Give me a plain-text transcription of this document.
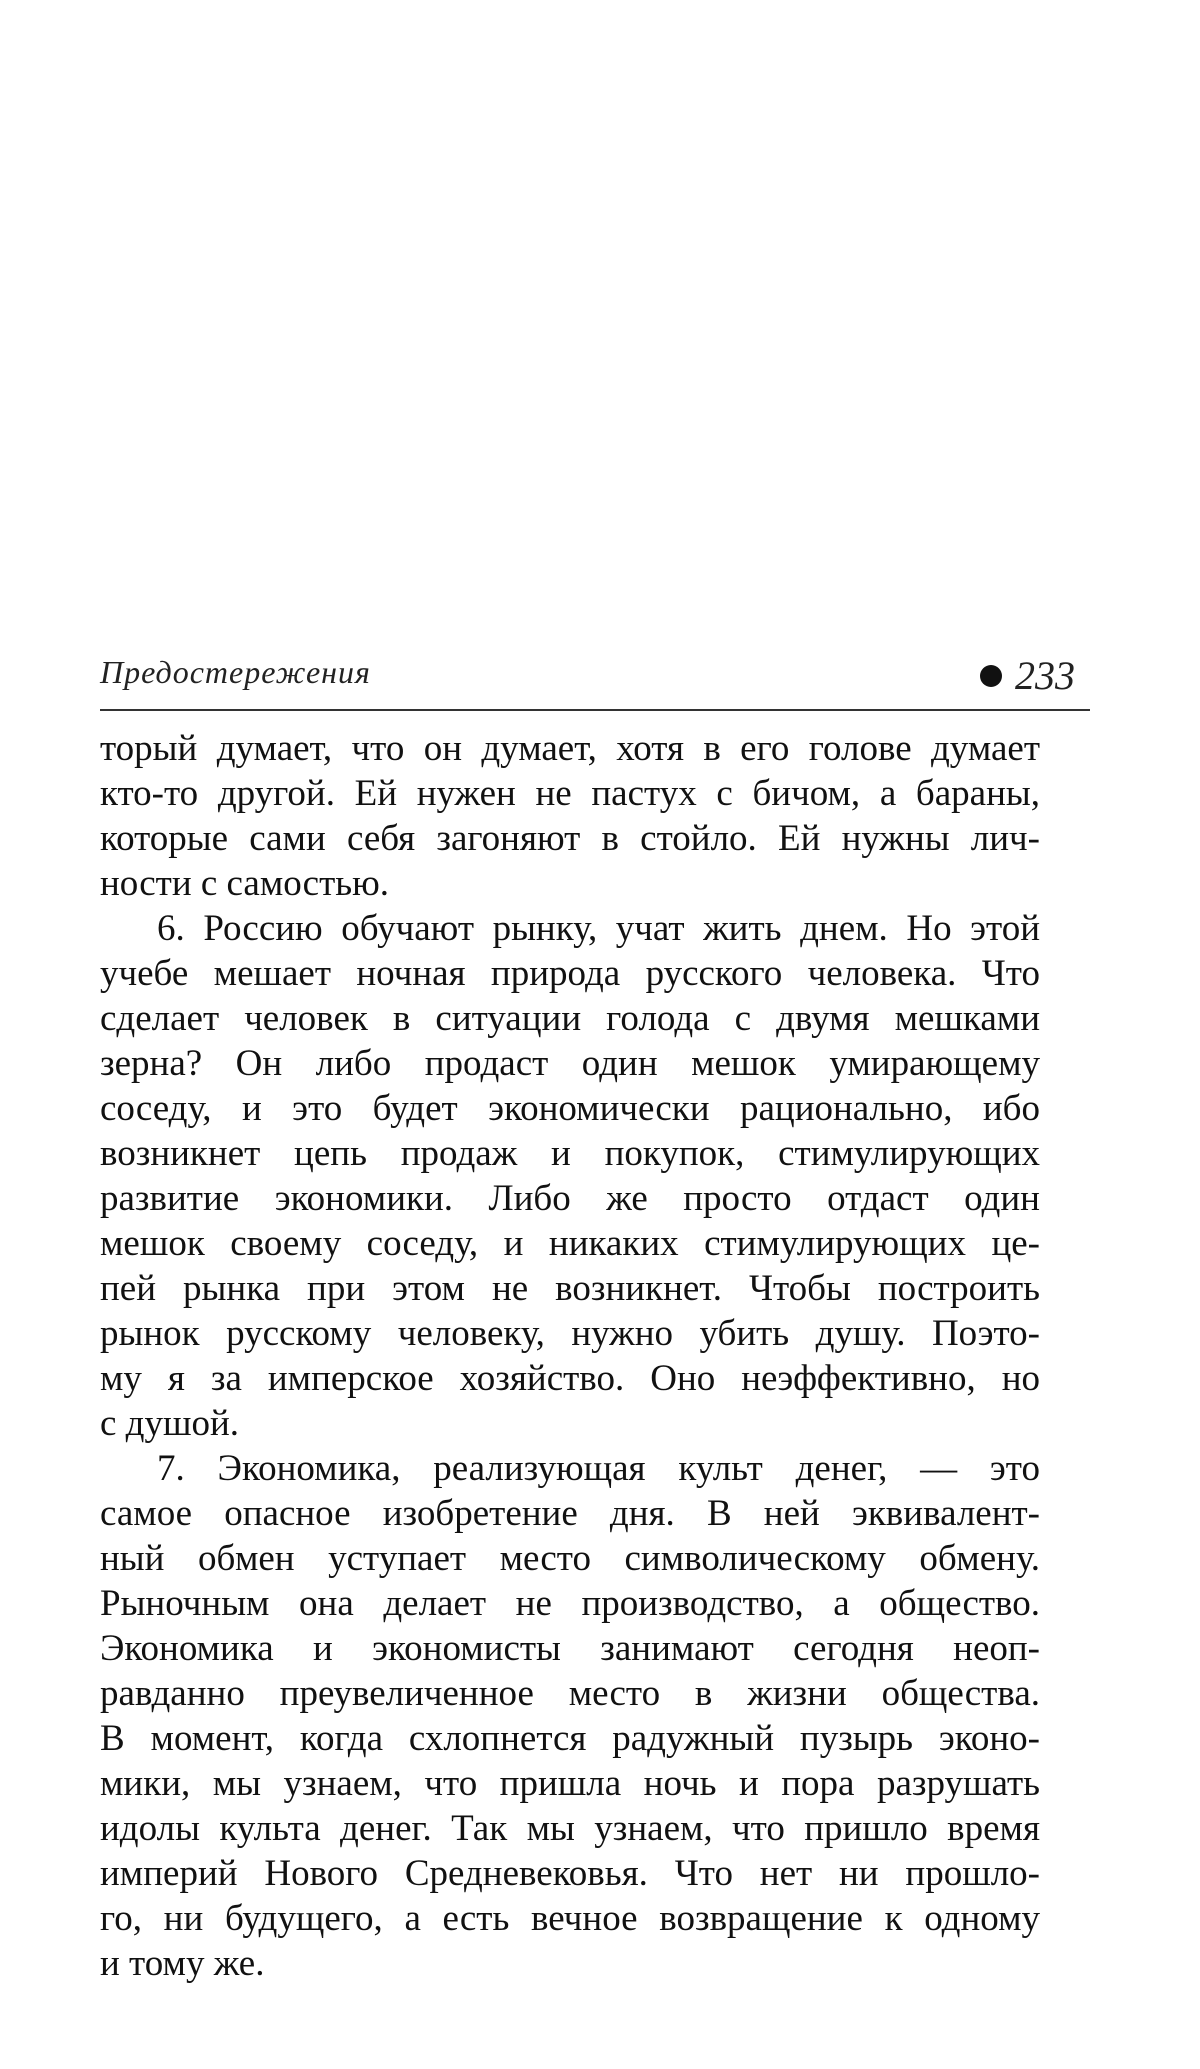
Предостережения	233

торый думает, что он думает, хотя в его голове думает
кто-то другой. Ей нужен не пастух с бичом, а бараны,
которые сами себя загоняют в стойло. Ей нужны лич-
ности с самостью.

6. Россию обучают рынку, учат жить днем. Но этой
учебе мешает ночная природа русского человека. Что
сделает человек в ситуации голода с двумя мешками
зерна? Он либо продаст один мешок умирающему
соседу, и это будет экономически рационально, ибо
возникнет цепь продаж и покупок, стимулирующих
развитие экономики. Либо же просто отдаст один
мешок своему соседу, и никаких стимулирующих це-
пей рынка при этом не возникнет. Чтобы построить
рынок русскому человеку, нужно убить душу. Поэто-
му я за имперское хозяйство. Оно неэффективно, но
с душой.

7. Экономика, реализующая культ денег, — это
самое опасное изобретение дня. В ней эквивалент-
ный обмен уступает место символическому обмену.
Рыночным она делает не производство, а общество.
Экономика и экономисты занимают сегодня неоп-
равданно преувеличенное место в жизни общества.
В момент, когда схлопнется радужный пузырь эконо-
мики, мы узнаем, что пришла ночь и пора разрушать
идолы культа денег. Так мы узнаем, что пришло время
империй Нового Средневековья. Что нет ни прошло-
го, ни будущего, а есть вечное возвращение к одному
и тому же.
